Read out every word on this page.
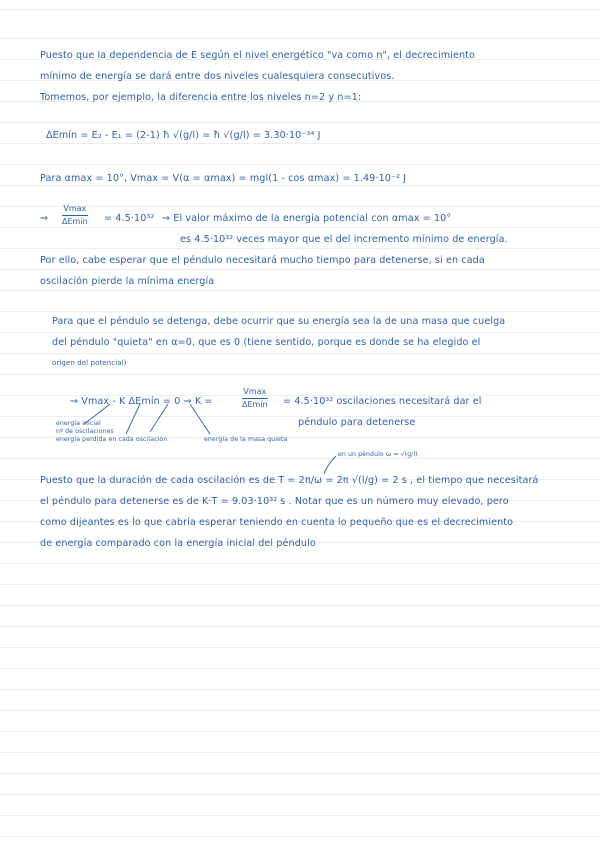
Puesto que la dependencia de E según el nivel energético "va como n", el decrecimiento
mínimo de energía se dará entre dos niveles cualesquiera consecutivos.
Tomemos, por ejemplo, la diferencia entre los niveles n=2 y n=1:
ΔEmín = E₂ - E₁ = (2-1) ħ √(g/l) = ħ √(g/l) = 3.30·10⁻³⁴ J
Para αmax = 10°, Vmax = V(α = αmax) = mgl(1 - cos αmax) = 1.49·10⁻² J
⇒
Vmax
ΔEmín = 4.5·10³² ⇒ El valor máximo de la energía potencial con αmax = 10°
es 4.5·10³² veces mayor que el del incremento mínimo de energía.
Por ello, cabe esperar que el péndulo necesitará mucho tiempo para detenerse, si en cada
oscilación pierde la mínima energía
Para que el péndulo se detenga, debe ocurrir que su energía sea la de una masa que cuelga
del péndulo "quieta" en α=0, que es 0 (tiene sentido, porque es donde se ha elegido el
origen del potencial)
⇒ Vmax - K ΔEmín = 0 ⇒ K =
Vmax
ΔEmín = 4.5·10³² oscilaciones necesitará dar el
péndulo para detenerse
energía inicial
nº de oscilaciones
energía perdida en cada oscilación	energía de la masa quieta
en un péndulo ω = √(g/l)
Puesto que la duración de cada oscilación es de T = 2π/ω = 2π √(l/g) = 2 s , el tiempo que necesitará
el péndulo para detenerse es de K·T = 9.03·10³² s . Notar que es un número muy elevado, pero
como dijeantes es lo que cabría esperar teniendo en cuenta lo pequeño que es el decrecimiento
de energía comparado con la energía inicial del péndulo
